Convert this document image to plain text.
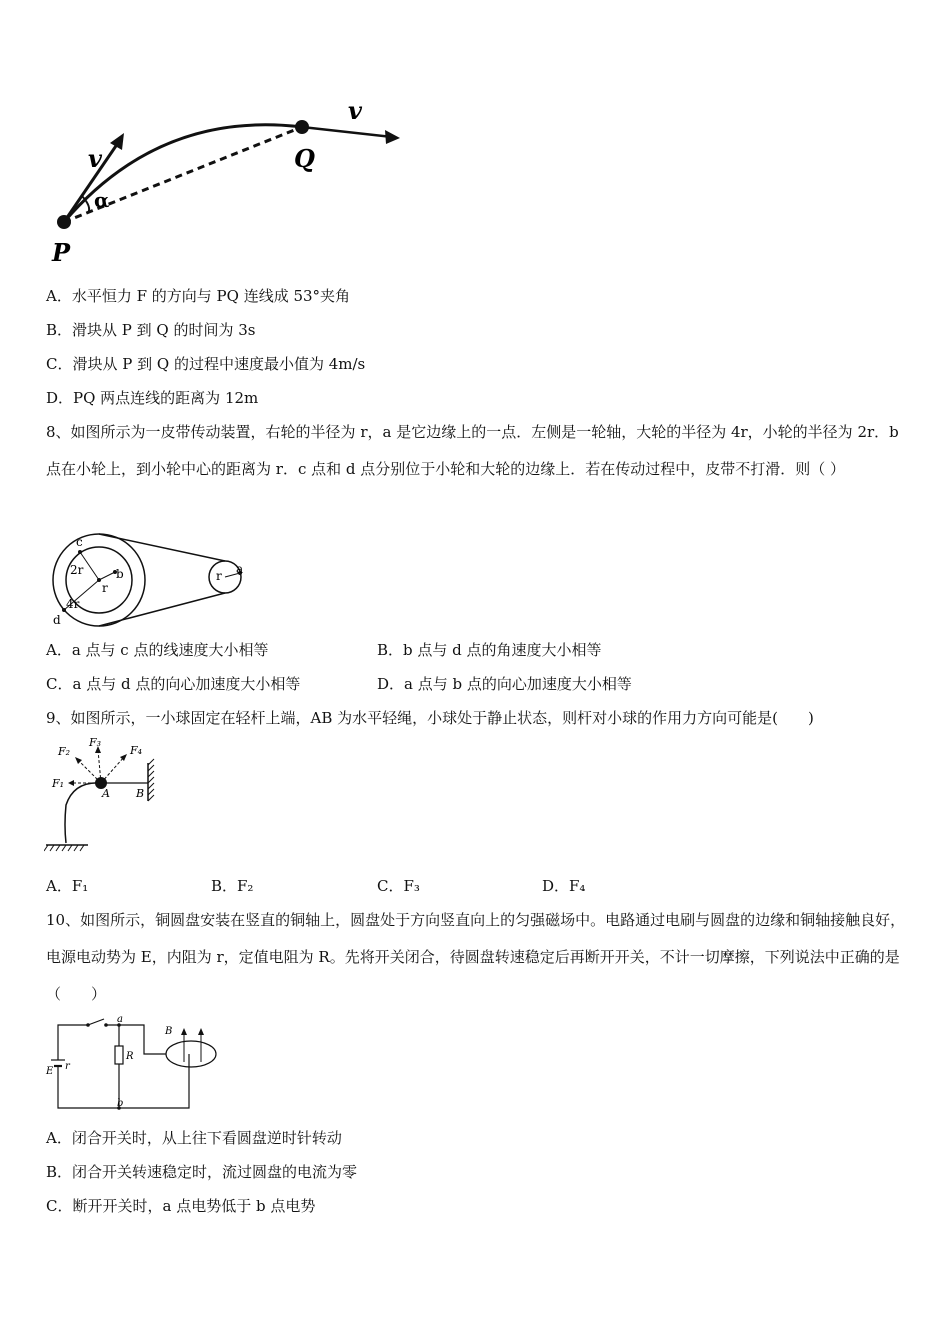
v
v
α
P
Q
A．水平恒力 F 的方向与 PQ 连线成 53°夹角
B．滑块从 P 到 Q 的时间为 3s
C．滑块从 P 到 Q 的过程中速度最小值为 4m/s
D．PQ 两点连线的距离为 12m
8、如图所示为一皮带传动装置，右轮的半径为 r，a 是它边缘上的一点．左侧是一轮轴，大轮的半径为 4r，小轮的半径为 2r．b 点在小轮上，到小轮中心的距离为 r．c 点和 d 点分别位于小轮和大轮的边缘上．若在传动过程中，皮带不打滑．则（ ）
c
2r	b
r
4r
d
r a
A．a 点与 c 点的线速度大小相等	B．b 点与 d 点的角速度大小相等
C．a 点与 d 点的向心加速度大小相等	D．a 点与 b 点的向心加速度大小相等
9、如图所示，一小球固定在轻杆上端，AB 为水平轻绳，小球处于静止状态，则杆对小球的作用力方向可能是(　　)
F₁
F₂
F₃
F₄
A B
A．F₁	B．F₂	C．F₃	D．F₄
10、如图所示，铜圆盘安装在竖直的铜轴上，圆盘处于方向竖直向上的匀强磁场中。电路通过电刷与圆盘的边缘和铜轴接触良好，电源电动势为 E，内阻为 r，定值电阻为 R。先将开关闭合，待圆盘转速稳定后再断开开关，不计一切摩擦，下列说法中正确的是（　　）
a
b
R
E r
B
A．闭合开关时，从上往下看圆盘逆时针转动
B．闭合开关转速稳定时，流过圆盘的电流为零
C．断开开关时，a 点电势低于 b 点电势
